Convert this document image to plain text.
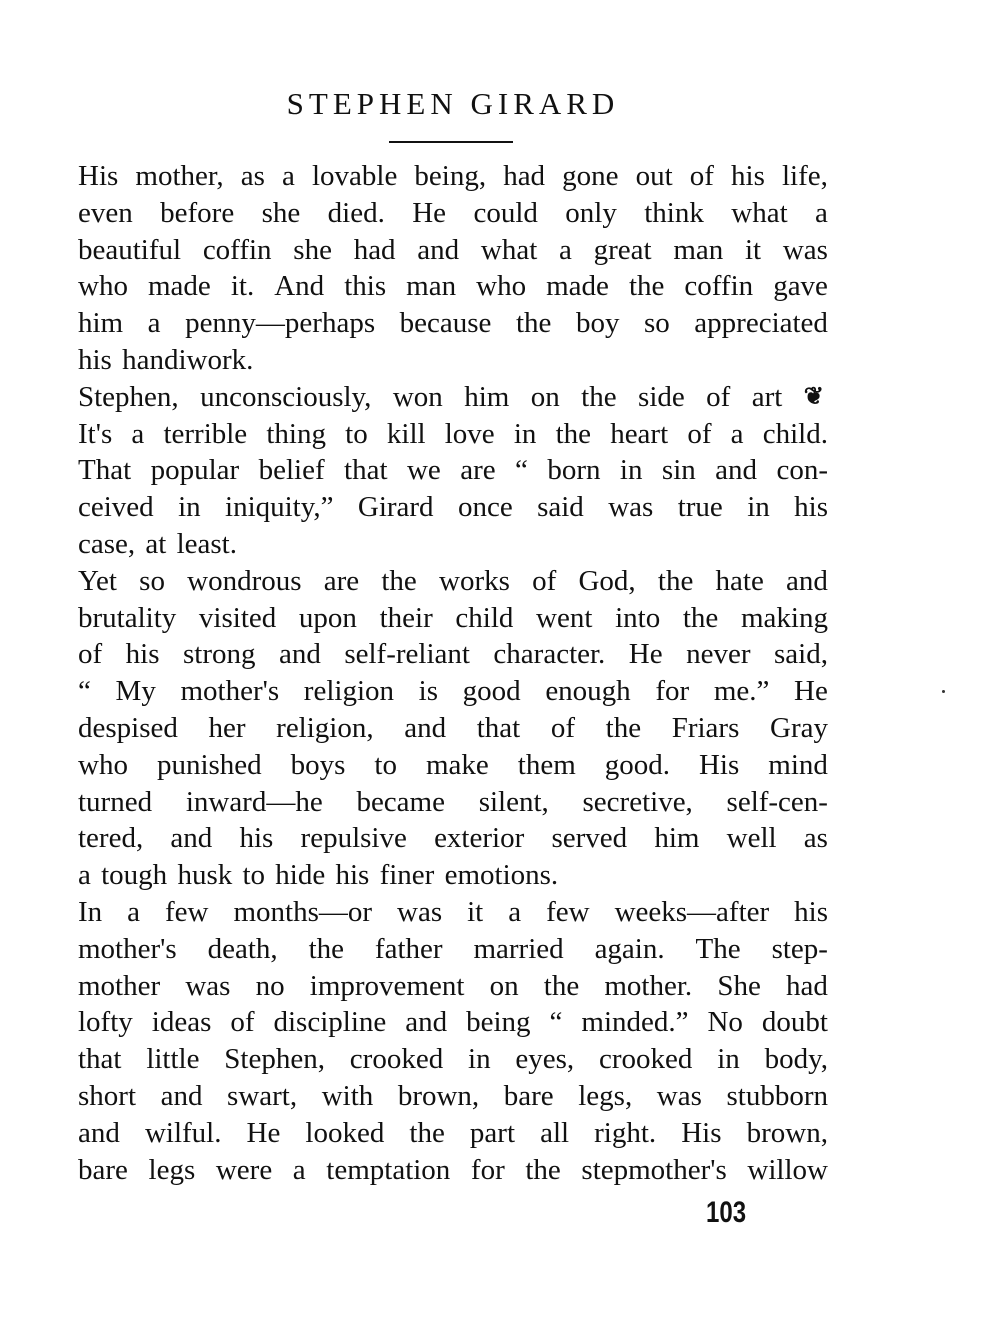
STEPHEN GIRARD
His mother, as a lovable being, had gone out of his life,
even before she died. He could only think what a
beautiful coffin she had and what a great man it was
who made it. And this man who made the coffin gave
him a penny—perhaps because the boy so appreciated
his handiwork.
Stephen, unconsciously, won him on the side of art ❦
It's a terrible thing to kill love in the heart of a child.
That popular belief that we are “ born in sin and con-
ceived in iniquity,” Girard once said was true in his
case, at least.
Yet so wondrous are the works of God, the hate and
brutality visited upon their child went into the making
of his strong and self-reliant character. He never said,
“ My mother's religion is good enough for me.” He
despised her religion, and that of the Friars Gray
who punished boys to make them good. His mind
turned inward—he became silent, secretive, self-cen-
tered, and his repulsive exterior served him well as
a tough husk to hide his finer emotions.
In a few months—or was it a few weeks—after his
mother's death, the father married again. The step-
mother was no improvement on the mother. She had
lofty ideas of discipline and being “ minded.” No doubt
that little Stephen, crooked in eyes, crooked in body,
short and swart, with brown, bare legs, was stubborn
and wilful. He looked the part all right. His brown,
bare legs were a temptation for the stepmother's willow
103
